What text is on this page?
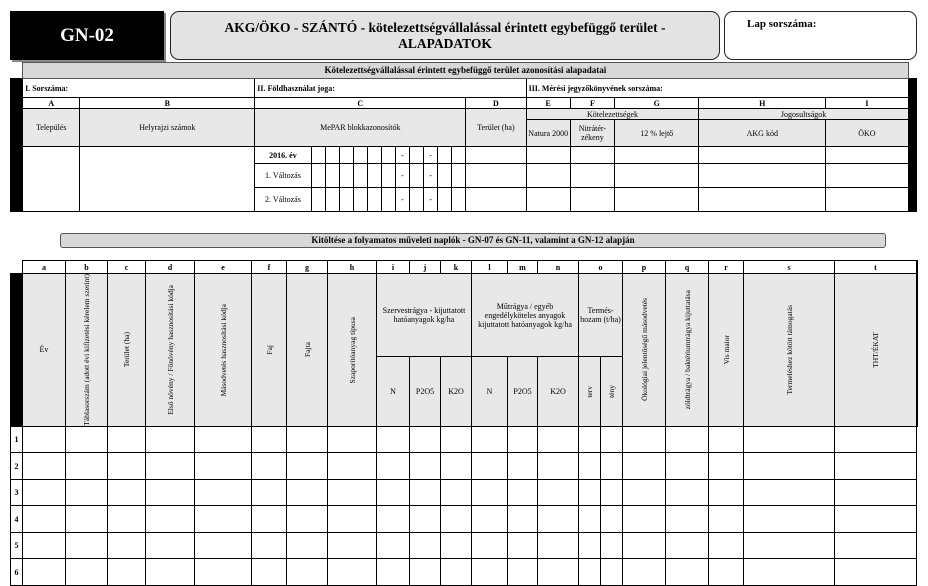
GN-02	AKG/ÖKO - SZÁNTÓ - kötelezettségvállalással érintett egybefüggő terület -
ALAPADATOK
Lap sorszáma:
	Kötelezettségvállalással érintett egybefüggő terület azonosítási alapadatai																				
	I. Sorszáma:		II. Földhasználat joga:													III. Mérési jegyzőkönyvének sorszáma:					
	A	B	C												D	E	F	G	H	I	
	Település	Helyrajzi számok	MePAR blokkazonosítók												Terület (ha)	Kötelezettségek			Jogosultságok		
																Natura 2000	Nitrátér-zékeny	12 % lejtő	AKG kód	ÖKO	
			2016. év							-		-									
			1. Változás							-		-									
			2. Változás							-		-									
Kitöltése a folyamatos műveleti naplók - GN-07 és GN-11, valamint a GN-12 alapján
	a	b	c	d	e	f	g	h	i	j	k	l	m	n	o		p	q	r	s	t	
	Év	Táblasorszám (adott évi kifizetési kérelem szerint)	Terület (ha)	Első növény / Főnövény hasznosítási kódja	Másodvetés hasznosítási kódja	Faj	Fajta	Szaporítóanyag típusa	Szervestrágya - kijuttatott hatóanyagok kg/ha			Műtrágya / egyéb engedélyköteles anyagok kijuttatott hatóanyagok kg/ha			Termés-hozam (t/ha)		Ökológiai jelentőségű másodvetés	zöldtrágya / baktériumtrágya kijuttatása	Vis maior	Termeléshez kötött támogatás	THT/ÉKAT	

									N	P2O5	K2O	N	P2O5	K2O	terv	tény						

1																						
2																						
3																						
4																						
5																						
6																						
